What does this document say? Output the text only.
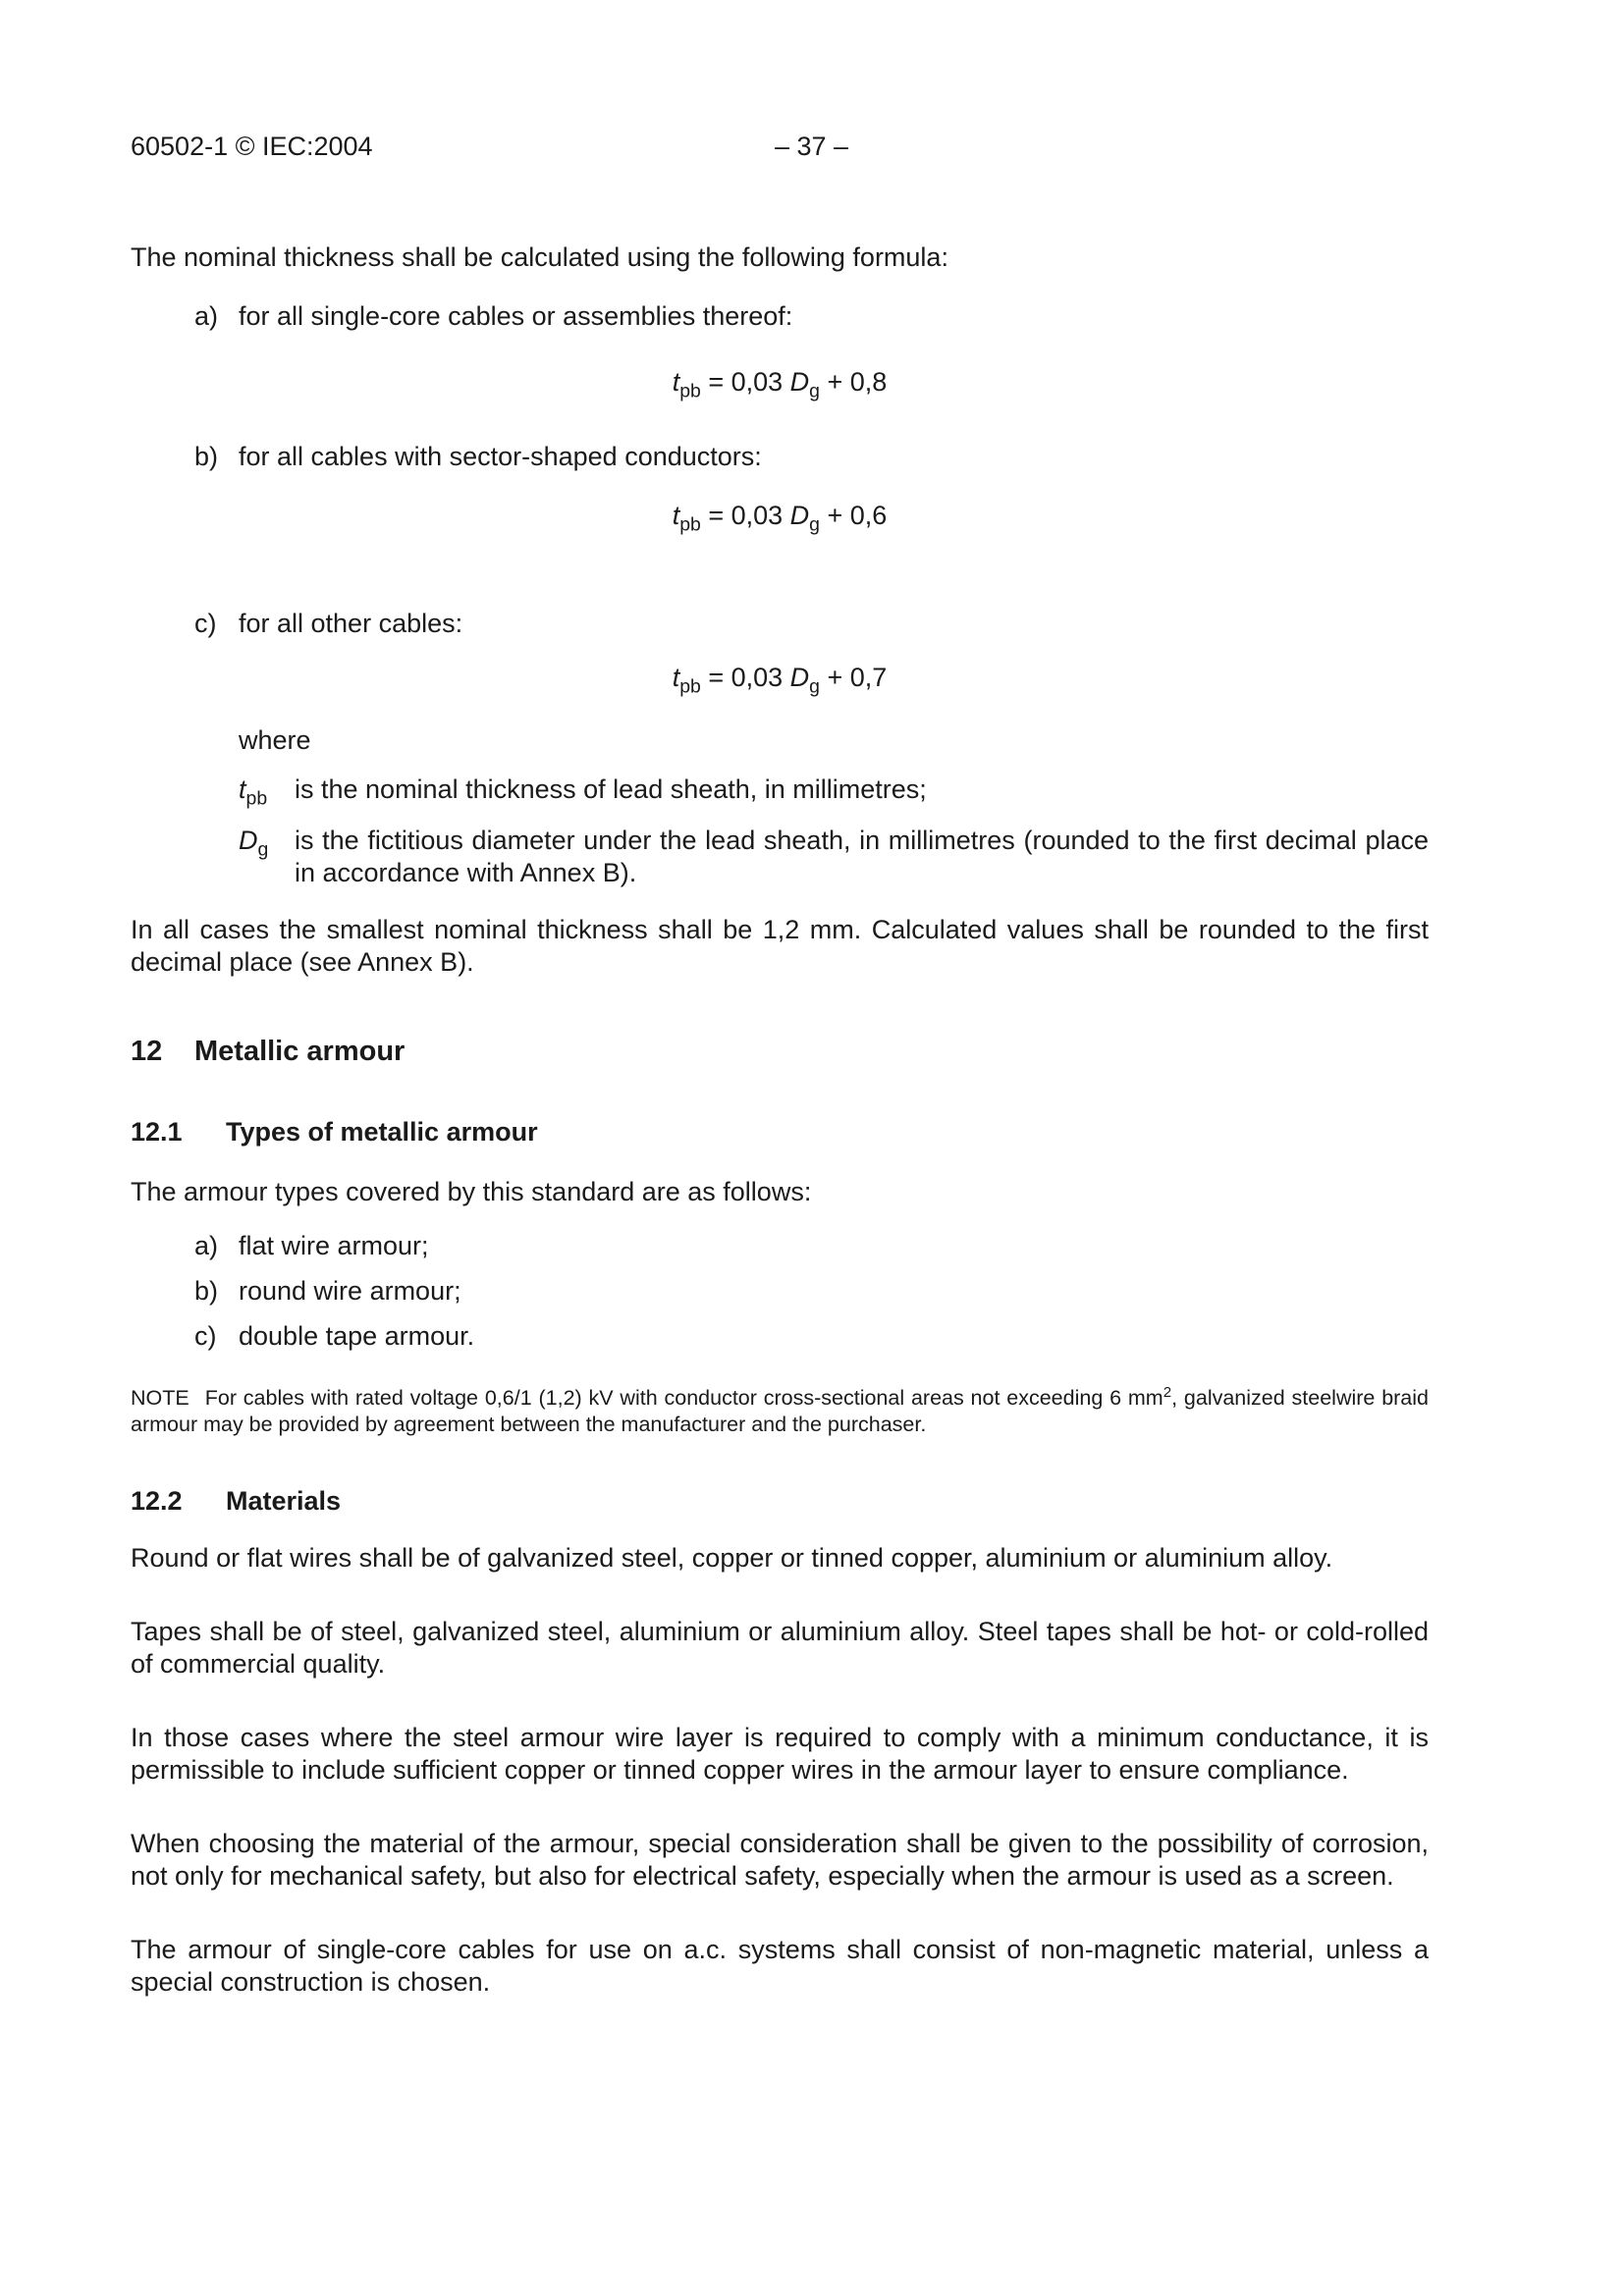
60502-1 © IEC:2004	– 37 –

The nominal thickness shall be calculated using the following formula:

a) for all single-core cables or assemblies thereof:
$t_{pb} = 0,03$ $D_g + 0,8$
b) for all cables with sector-shaped conductors:
$t_{pb} = 0,03$ $D_g + 0,6$
c) for all other cables:
$t_{pb} = 0,03$ $D_g + 0,7$
where
$t_{pb}$	is the nominal thickness of lead sheath, in millimetres;
$D_g$ is the fictitious diameter under the lead sheath, in millimetres (rounded to the first decimal place in accordance with Annex B).

In all cases the smallest nominal thickness shall be 1,2 mm. Calculated values shall be rounded to the first decimal place (see Annex B).

12	Metallic armour
12.1	Types of metallic armour

The armour types covered by this standard are as follows:

a) flat wire armour;
b) round wire armour;
c) double tape armour.

NOTE For cables with rated voltage 0,6/1 (1,2) kV with conductor cross-sectional areas not exceeding 6 $mm^2$, galvanized steelwire braid armour may be provided by agreement between the manufacturer and the purchaser.

12.2	Materials

Round or flat wires shall be of galvanized steel, copper or tinned copper, aluminium or aluminium alloy.

Tapes shall be of steel, galvanized steel, aluminium or aluminium alloy. Steel tapes shall be hot- or cold-rolled of commercial quality.

In those cases where the steel armour wire layer is required to comply with a minimum conductance, it is permissible to include sufficient copper or tinned copper wires in the armour layer to ensure compliance.

When choosing the material of the armour, special consideration shall be given to the possibility of corrosion, not only for mechanical safety, but also for electrical safety, especially when the armour is used as a screen.

The armour of single-core cables for use on a.c. systems shall consist of non-magnetic material, unless a special construction is chosen.
